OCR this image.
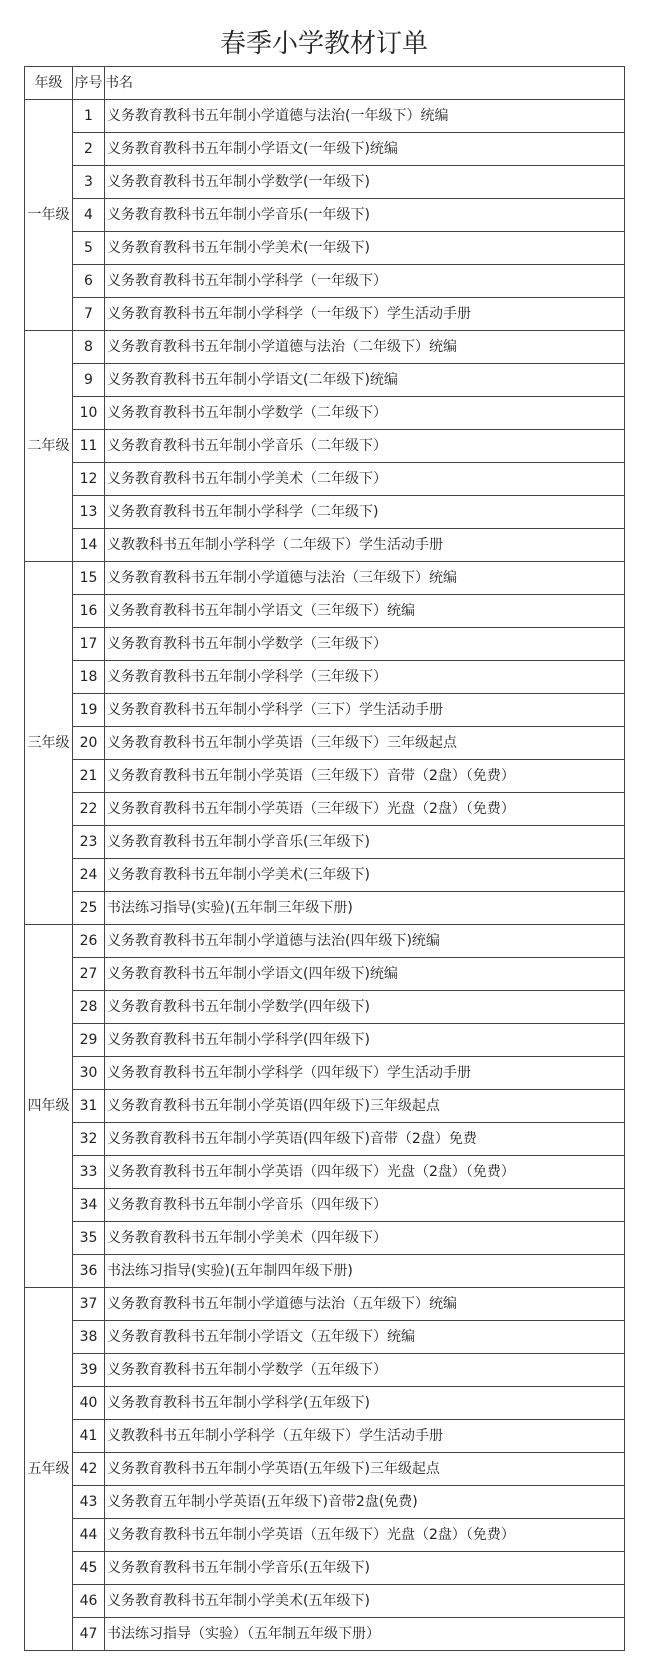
春季小学教材订单
年级	序号	书名
一年级	1	义务教育教科书五年制小学道德与法治(一年级下）统编
	2	义务教育教科书五年制小学语文(一年级下)统编
	3	义务教育教科书五年制小学数学(一年级下)
	4	义务教育教科书五年制小学音乐(一年级下)
	5	义务教育教科书五年制小学美术(一年级下)
	6	义务教育教科书五年制小学科学（一年级下）
	7	义务教育教科书五年制小学科学（一年级下）学生活动手册
二年级	8	义务教育教科书五年制小学道德与法治（二年级下）统编
	9	义务教育教科书五年制小学语文(二年级下)统编
	10	义务教育教科书五年制小学数学（二年级下）
	11	义务教育教科书五年制小学音乐（二年级下）
	12	义务教育教科书五年制小学美术（二年级下）
	13	义务教育教科书五年制小学科学（二年级下)
	14	义教教科书五年制小学科学（二年级下）学生活动手册
三年级	15	义务教育教科书五年制小学道德与法治（三年级下）统编
	16	义务教育教科书五年制小学语文（三年级下）统编
	17	义务教育教科书五年制小学数学（三年级下）
	18	义务教育教科书五年制小学科学（三年级下）
	19	义务教育教科书五年制小学科学（三下）学生活动手册
	20	义务教育教科书五年制小学英语（三年级下）三年级起点
	21	义务教育教科书五年制小学英语（三年级下）音带（2盘）（免费）
	22	义务教育教科书五年制小学英语（三年级下）光盘（2盘）（免费）
	23	义务教育教科书五年制小学音乐(三年级下)
	24	义务教育教科书五年制小学美术(三年级下)
	25	书法练习指导(实验)(五年制三年级下册)
四年级	26	义务教育教科书五年制小学道德与法治(四年级下)统编
	27	义务教育教科书五年制小学语文(四年级下)统编
	28	义务教育教科书五年制小学数学(四年级下)
	29	义务教育教科书五年制小学科学(四年级下)
	30	义务教育教科书五年制小学科学（四年级下）学生活动手册
	31	义务教育教科书五年制小学英语(四年级下)三年级起点
	32	义务教育教科书五年制小学英语(四年级下)音带（2盘）免费
	33	义务教育教科书五年制小学英语（四年级下）光盘（2盘）（免费）
	34	义务教育教科书五年制小学音乐（四年级下）
	35	义务教育教科书五年制小学美术（四年级下）
	36	书法练习指导(实验)(五年制四年级下册)
五年级	37	义务教育教科书五年制小学道德与法治（五年级下）统编
	38	义务教育教科书五年制小学语文（五年级下）统编
	39	义务教育教科书五年制小学数学（五年级下）
	40	义务教育教科书五年制小学科学(五年级下)
	41	义教教科书五年制小学科学（五年级下）学生活动手册
	42	义务教育教科书五年制小学英语(五年级下)三年级起点
	43	义务教育五年制小学英语(五年级下)音带2盘(免费)
	44	义务教育教科书五年制小学英语（五年级下）光盘（2盘）（免费）
	45	义务教育教科书五年制小学音乐(五年级下)
	46	义务教育教科书五年制小学美术(五年级下)
	47	书法练习指导（实验）（五年制五年级下册）
